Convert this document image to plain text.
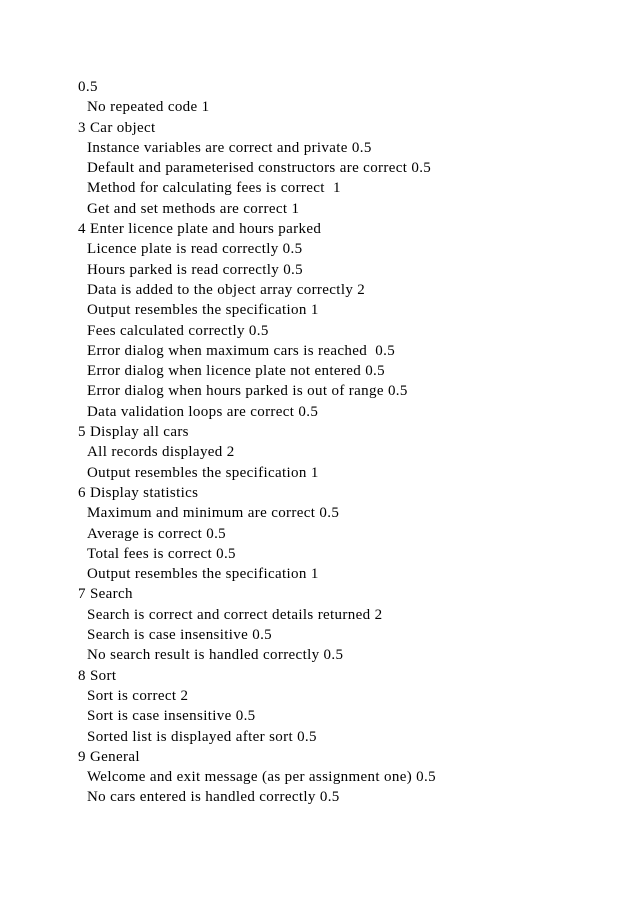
0.5
No repeated code 1
3 Car object
Instance variables are correct and private 0.5
Default and parameterised constructors are correct 0.5
Method for calculating fees is correct  1
Get and set methods are correct 1
4 Enter licence plate and hours parked
Licence plate is read correctly 0.5
Hours parked is read correctly 0.5
Data is added to the object array correctly 2
Output resembles the specification 1
Fees calculated correctly 0.5
Error dialog when maximum cars is reached  0.5
Error dialog when licence plate not entered 0.5
Error dialog when hours parked is out of range 0.5
Data validation loops are correct 0.5
5 Display all cars
All records displayed 2
Output resembles the specification 1
6 Display statistics
Maximum and minimum are correct 0.5
Average is correct 0.5
Total fees is correct 0.5
Output resembles the specification 1
7 Search
Search is correct and correct details returned 2
Search is case insensitive 0.5
No search result is handled correctly 0.5
8 Sort
Sort is correct 2
Sort is case insensitive 0.5
Sorted list is displayed after sort 0.5
9 General
Welcome and exit message (as per assignment one) 0.5
No cars entered is handled correctly 0.5
